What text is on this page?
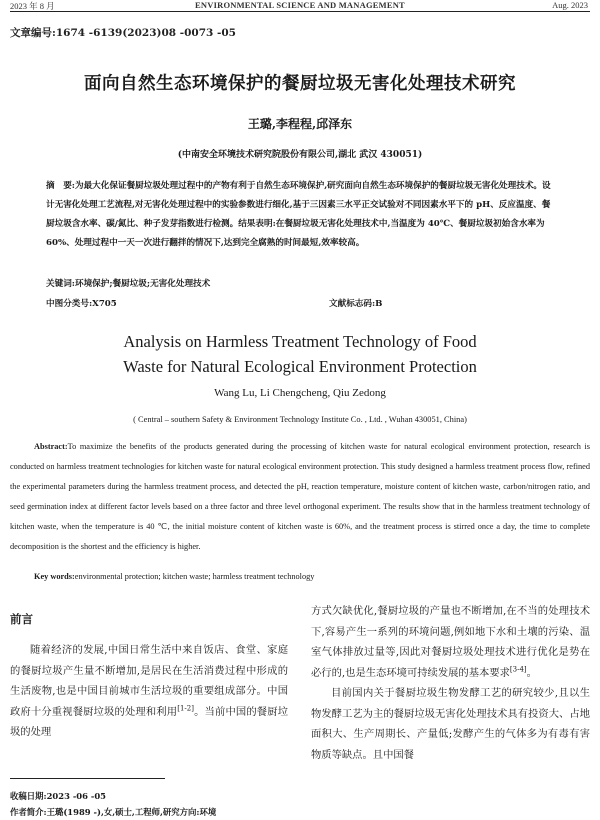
2023 年 8 月	ENVIRONMENTAL SCIENCE AND MANAGEMENT	Aug. 2023
文章编号:1674 -6139(2023)08 -0073 -05
面向自然生态环境保护的餐厨垃圾无害化处理技术研究
王璐,李程程,邱泽东
(中南安全环境技术研究院股份有限公司,湖北 武汉 430051)
摘　要:为最大化保证餐厨垃圾处理过程中的产物有利于自然生态环境保护,研究面向自然生态环境保护的餐厨垃圾无害化处理技术。设计无害化处理工艺流程,对无害化处理过程中的实验参数进行细化,基于三因素三水平正交试验对不同因素水平下的 pH、反应温度、餐厨垃圾含水率、碳/氮比、种子发芽指数进行检测。结果表明:在餐厨垃圾无害化处理技术中,当温度为 40℃、餐厨垃圾初始含水率为 60%、处理过程中一天一次进行翻拌的情况下,达到完全腐熟的时间最短,效率较高。
关键词:环境保护;餐厨垃圾;无害化处理技术
中图分类号:X705	文献标志码:B
Analysis on Harmless Treatment Technology of Food
Waste for Natural Ecological Environment Protection
Wang Lu, Li Chengcheng, Qiu Zedong
( Central – southern Safety & Environment Technology Institute Co. , Ltd. , Wuhan 430051, China)
Abstract:To maximize the benefits of the products generated during the processing of kitchen waste for natural ecological environment protection, research is conducted on harmless treatment technologies for kitchen waste for natural ecological environment protection. This study designed a harmless treatment process flow, refined the experimental parameters during the harmless treatment process, and detected the pH, reaction temperature, moisture content of kitchen waste, carbon/nitrogen ratio, and seed germination index at different factor levels based on a three factor and three level orthogonal experiment. The results show that in the harmless treatment technology of kitchen waste, when the temperature is 40 ℃, the initial moisture content of kitchen waste is 60%, and the treatment process is stirred once a day, the time to complete decomposition is the shortest and the efficiency is higher.
Key words:environmental protection; kitchen waste; harmless treatment technology
前言
随着经济的发展,中国日常生活中来自饭店、食堂、家庭的餐厨垃圾产生量不断增加,是居民在生活消费过程中形成的生活废物,也是中国目前城市生活垃圾的重要组成部分。中国政府十分重视餐厨垃圾的处理和利用[1-2]。当前中国的餐厨垃圾的处理

方式欠缺优化,餐厨垃圾的产量也不断增加,在不当的处理技术下,容易产生一系列的环境问题,例如地下水和土壤的污染、温室气体排放过量等,因此对餐厨垃圾处理技术进行优化是势在必行的,也是生态环境可持续发展的基本要求[3-4]。

目前国内关于餐厨垃圾生物发酵工艺的研究较少,且以生物发酵工艺为主的餐厨垃圾无害化处理技术具有投资大、占地面积大、生产周期长、产量低;发酵产生的气体多为有毒有害物质等缺点。且中国餐

收稿日期:2023 -06 -05
作者简介:王璐(1989 -),女,硕士,工程师,研究方向:环境
